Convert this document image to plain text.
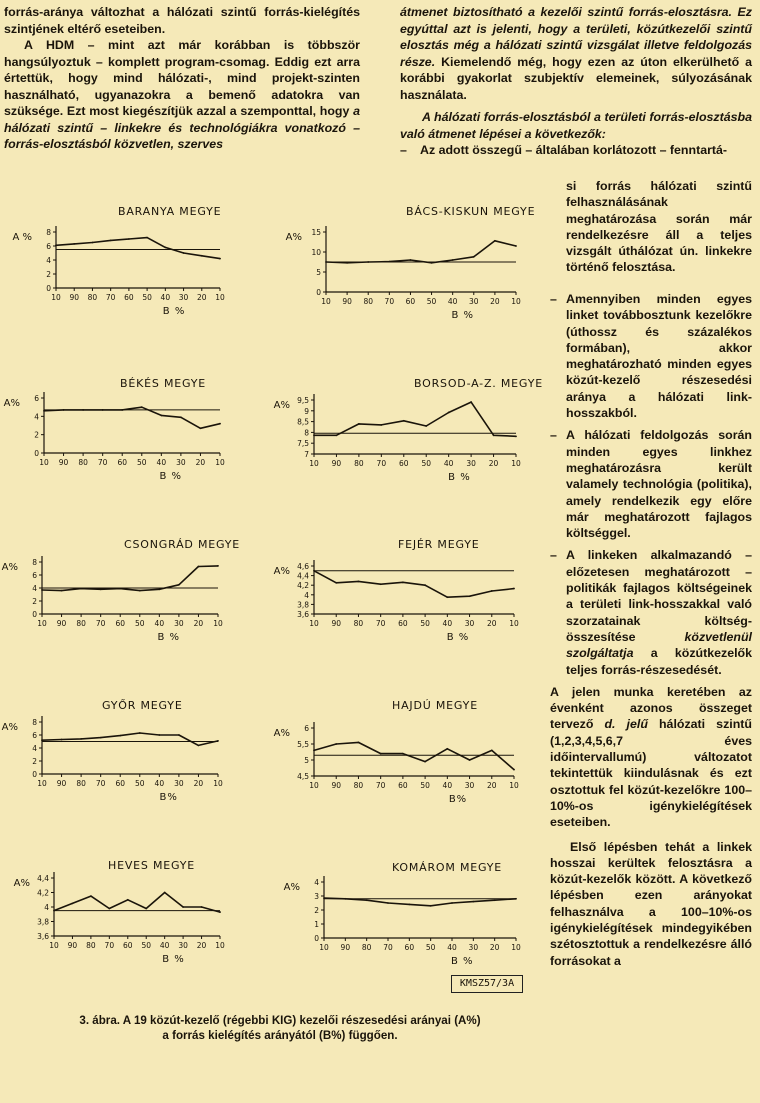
forrás-aránya változhat a hálózati szintű forrás-kielégítés szintjének eltérő eseteiben.

A HDM – mint azt már korábban is többször hangsúlyoztuk – komplett program-csomag. Eddig ezt arra értettük, hogy mind hálózati-, mind projekt-szinten használható, ugyanazokra a bemenő adatokra van szüksége. Ezt most kiegészítjük azzal a szemponttal, hogy a hálózati szintű – linkekre és technológiákra vonatkozó – forrás-elosztásból közvetlen, szerves

átmenet biztosítható a kezelői szintű forrás-elosztásra. Ez egyúttal azt is jelenti, hogy a területi, közútkezelői szintű elosztás még a hálózati szintű vizsgálat illetve feldolgozás része. Kiemelendő még, hogy ezen az úton elkerülhető a korábbi gyakorlat szubjektív elemeinek, súlyozásának használata.

A hálózati forrás-elosztásból a területi forrás-elosztásba való átmenet lépései a következők:

– Az adott összegű – általában korlátozott – fenntartá-

si forrás hálózati szintű felhasználásának meghatározása során már rendelkezésre áll a teljes vizsgált úthálózat ún. linkekre történő felosztása.
– Amennyiben minden egyes linket továbbosztunk kezelőkre (úthossz és százalékos formában), akkor meghatározható minden egyes közút-kezelő részesedési aránya a hálózati link-hosszakból.
– A hálózati feldolgozás során minden egyes linkhez meghatározásra került valamely technológia (politika), amely rendelkezik egy előre már meghatározott fajlagos költséggel.
– A linkeken alkalmazandó – előzetesen meghatározott – politikák fajlagos költségeinek a területi link-hosszakkal való szorzatainak költség-összesítése	közvetlenül szolgáltatja a közútkezelők teljes forrás-részesedését.

A jelen munka keretében az évenként azonos összeget tervező d. jelű hálózati szintű (1,2,3,4,5,6,7 éves időintervallumú) változatot tekintettük kiindulásnak és ezt osztottuk fel közút-kezelőkre 100–10%-os igénykielégítések eseteiben.

Első lépésben tehát a linkek hosszai kerültek felosztásra a közút-kezelők között. A következő lépésben ezen arányokat felhasználva a 100–10%-os igénykielégítések mindegyikében szétosztottuk a rendelkezésre álló forrásokat a

BARANYA MEGYE
0
2
4
6
8
A %
10 90 80 70 60 50 40 30 20 10
B %
BÁCS-KISKUN MEGYE
0
5
10
15
A%
10 90 80 70 60 50 40 30 20 10
B %
BÉKÉS MEGYE
0
2
4
6
A%
10 90 80 70 60 50 40 30 20 10
B %
BORSOD-A-Z. MEGYE
7
7,5
8
8,5
9
9,5
A%
10 90 80 70 60 50 40 30 20 10
B %
CSONGRÁD MEGYE
0
2
4
6
8
A%
10 90 80 70 60 50 40 30 20 10
B %
FEJÉR MEGYE
3,6
3,8
4
4,2
4,4
4,6
A%
10 90 80 70 60 50 40 30 20 10
B %
GYŐR MEGYE
0
2
4
6
8
A%
10 90 80 70 60 50 40 30 20 10
B%
HAJDÚ MEGYE
4,5
5
5,5
6
A%
10 90 80 70 60 50 40 30 20 10
B%
HEVES MEGYE
3,6
3,8
4
4,2
4,4
A%
10 90 80 70 60 50 40 30 20 10
B %
KOMÁROM MEGYE
0
1
2
3
4
A%
10 90 80 70 60 50 40 30 20 10
B %
KMSZ57/3A
3. ábra. A 19 közút-kezelő (régebbi KIG) kezelői részesedési arányai (A%)
a forrás kielégítés arányától (B%) függően.
